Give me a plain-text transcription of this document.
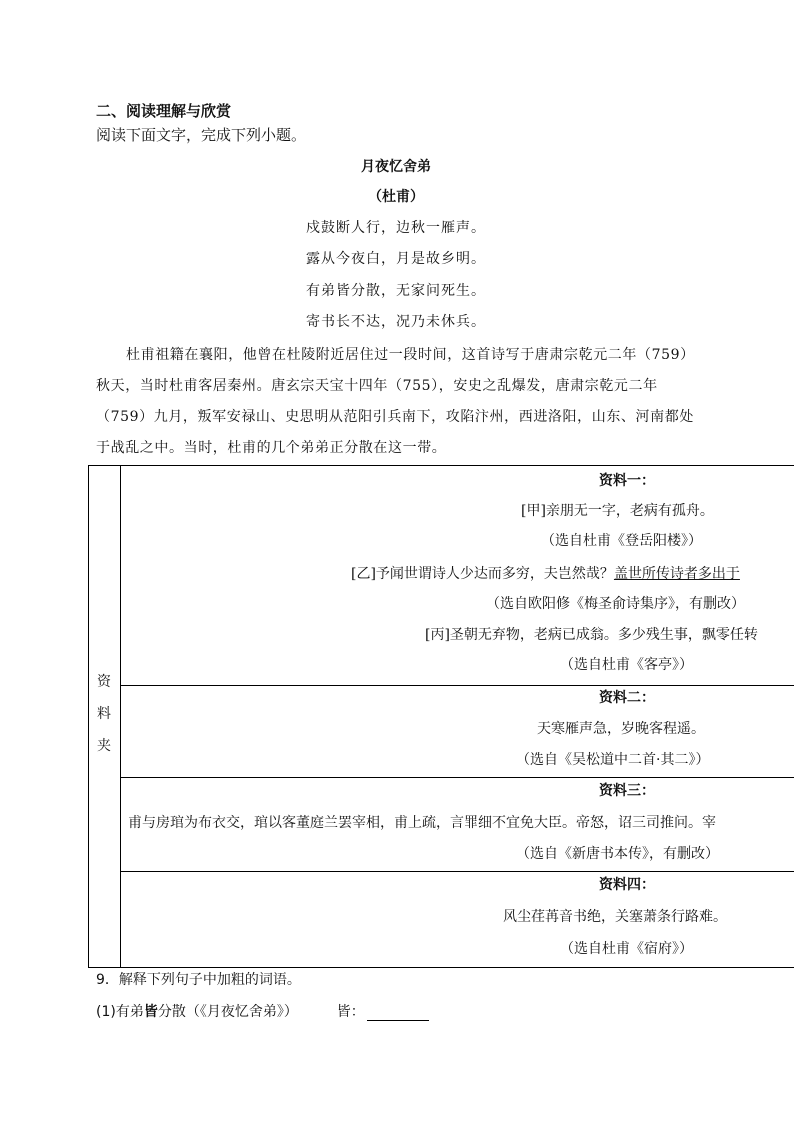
二、阅读理解与欣赏
阅读下面文字，完成下列小题。
月夜忆舍弟
（杜甫）
戍鼓断人行，边秋一雁声。
露从今夜白，月是故乡明。
有弟皆分散，无家问死生。
寄书长不达，况乃未休兵。
杜甫祖籍在襄阳，他曾在杜陵附近居住过一段时间，这首诗写于唐肃宗乾元二年（759）秋天，当时杜甫客居秦州。唐玄宗天宝十四年（755），安史之乱爆发，唐肃宗乾元二年（759）九月，叛军安禄山、史思明从范阳引兵南下，攻陷汴州，西进洛阳，山东、河南都处于战乱之中。当时，杜甫的几个弟弟正分散在这一带。
资
料
夹
资料一：
[甲]亲朋无一字，老病有孤舟。
（选自杜甫《登岳阳楼》）
[乙]予闻世谓诗人少达而多穷，夫岂然哉？盖世所传诗者多出于
（选自欧阳修《梅圣俞诗集序》，有删改）
[丙]圣朝无弃物，老病已成翁。多少残生事，飘零任转
（选自杜甫《客亭》）
资料二：
天寒雁声急，岁晚客程遥。
（选自《吴松道中二首·其二》）
资料三：
甫与房琯为布衣交，琯以客董庭兰罢宰相，甫上疏，言罪细不宜免大臣。帝怒，诏三司推问。宰
（选自《新唐书本传》，有删改）
资料四：
风尘荏苒音书绝，关塞萧条行路难。
（选自杜甫《宿府》）
9．解释下列句子中加粗的词语。
(1)有弟皆分散（《月夜忆舍弟》）	皆：
